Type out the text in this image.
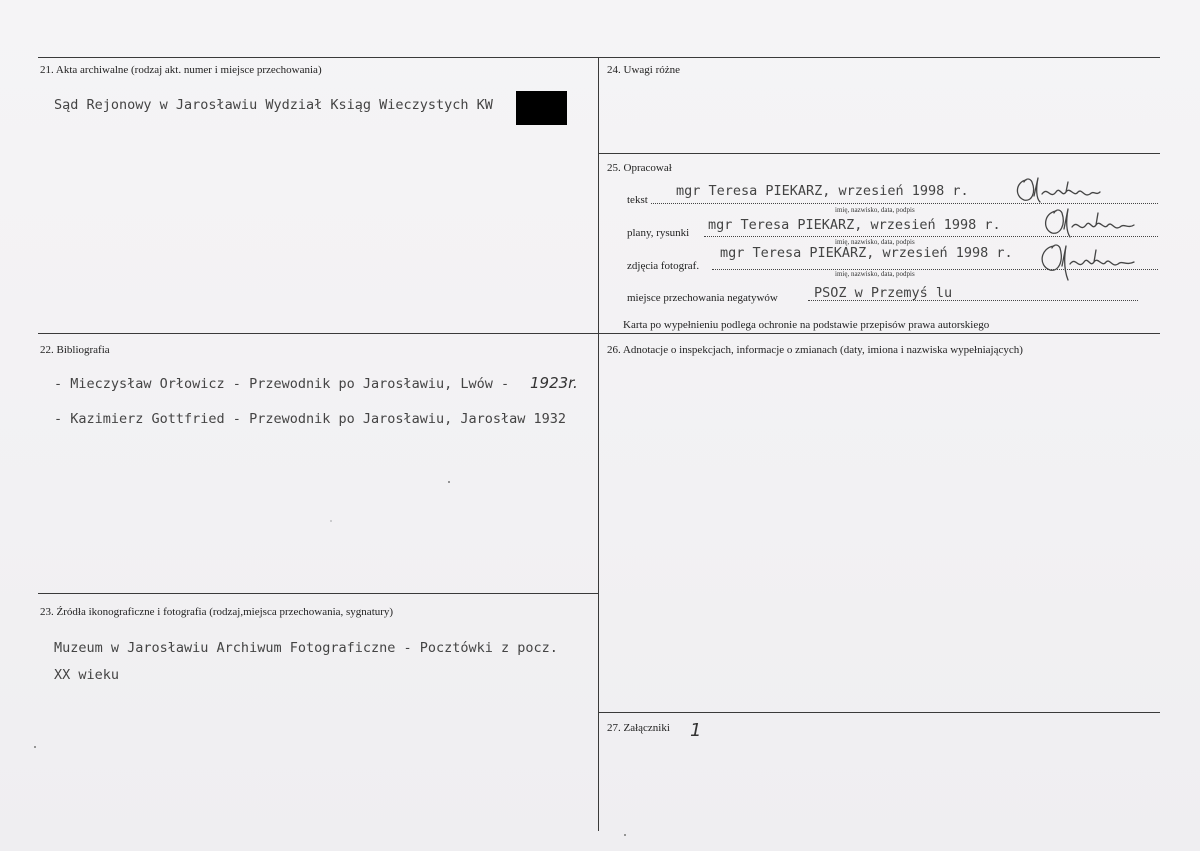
21. Akta archiwalne (rodzaj akt. numer i miejsce przechowania)
Sąd Rejonowy w Jarosławiu Wydział Ksiąg Wieczystych KW
24. Uwagi różne
25. Opracował
tekst
mgr Teresa PIEKARZ, wrzesień 1998 r.
imię, nazwisko, data, podpis
plany, rysunki mgr Teresa PIEKARZ, wrzesień 1998 r.
imię, nazwisko, data, podpis
zdjęcia fotograf.
mgr Teresa PIEKARZ, wrzesień 1998 r.
imię, nazwisko, data, podpis
miejsce przechowania negatywów	PSOZ w Przemyś lu
Karta po wypełnieniu podlega ochronie na podstawie przepisów prawa autorskiego
22. Bibliografia
- Mieczysław Orłowicz - Przewodnik po Jarosławiu, Lwów - 1923r.
- Kazimierz Gottfried - Przewodnik po Jarosławiu, Jarosław 1932
26. Adnotacje o inspekcjach, informacje o zmianach (daty, imiona i nazwiska wypełniających)
23. Źródła ikonograficzne i fotografia (rodzaj,miejsca przechowania, sygnatury)
Muzeum w Jarosławiu Archiwum Fotograficzne - Pocztówki z pocz.
XX wieku
27. Załączniki 1
